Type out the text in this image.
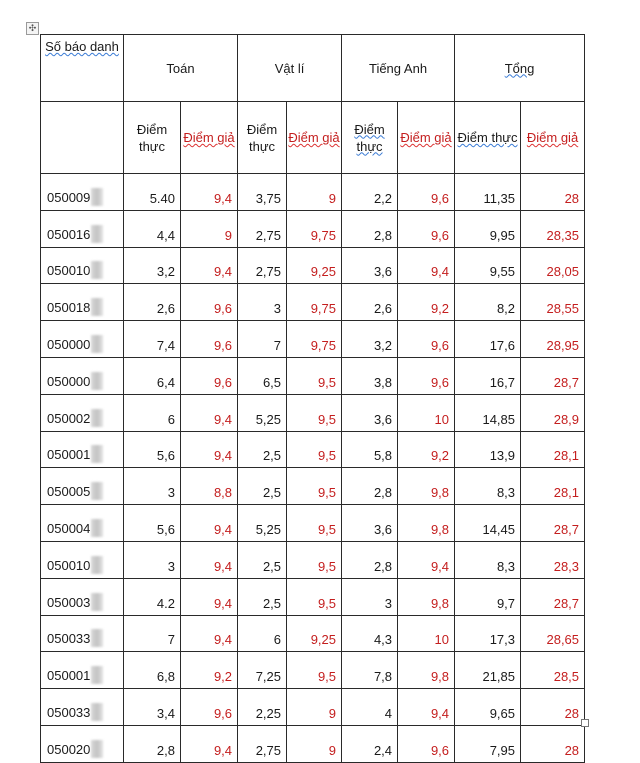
✣
Số báo danh	Toán		Vật lí		Tiếng Anh		Tổng	
	Điểm thực	Điểm giả	Điểm thực	Điểm giả	Điểm thực	Điểm giả	Điểm thực	Điểm giả
050009	5.40	9,4	3,75	9	2,2	9,6	11,35	28
050016	4,4	9	2,75	9,75	2,8	9,6	9,95	28,35
050010	3,2	9,4	2,75	9,25	3,6	9,4	9,55	28,05
050018	2,6	9,6	3	9,75	2,6	9,2	8,2	28,55
050000	7,4	9,6	7	9,75	3,2	9,6	17,6	28,95
050000	6,4	9,6	6,5	9,5	3,8	9,6	16,7	28,7
050002	6	9,4	5,25	9,5	3,6	10	14,85	28,9
050001	5,6	9,4	2,5	9,5	5,8	9,2	13,9	28,1
050005	3	8,8	2,5	9,5	2,8	9,8	8,3	28,1
050004	5,6	9,4	5,25	9,5	3,6	9,8	14,45	28,7
050010	3	9,4	2,5	9,5	2,8	9,4	8,3	28,3
050003	4.2	9,4	2,5	9,5	3	9,8	9,7	28,7
050033	7	9,4	6	9,25	4,3	10	17,3	28,65
050001	6,8	9,2	7,25	9,5	7,8	9,8	21,85	28,5
050033	3,4	9,6	2,25	9	4	9,4	9,65	28
050020	2,8	9,4	2,75	9	2,4	9,6	7,95	28
